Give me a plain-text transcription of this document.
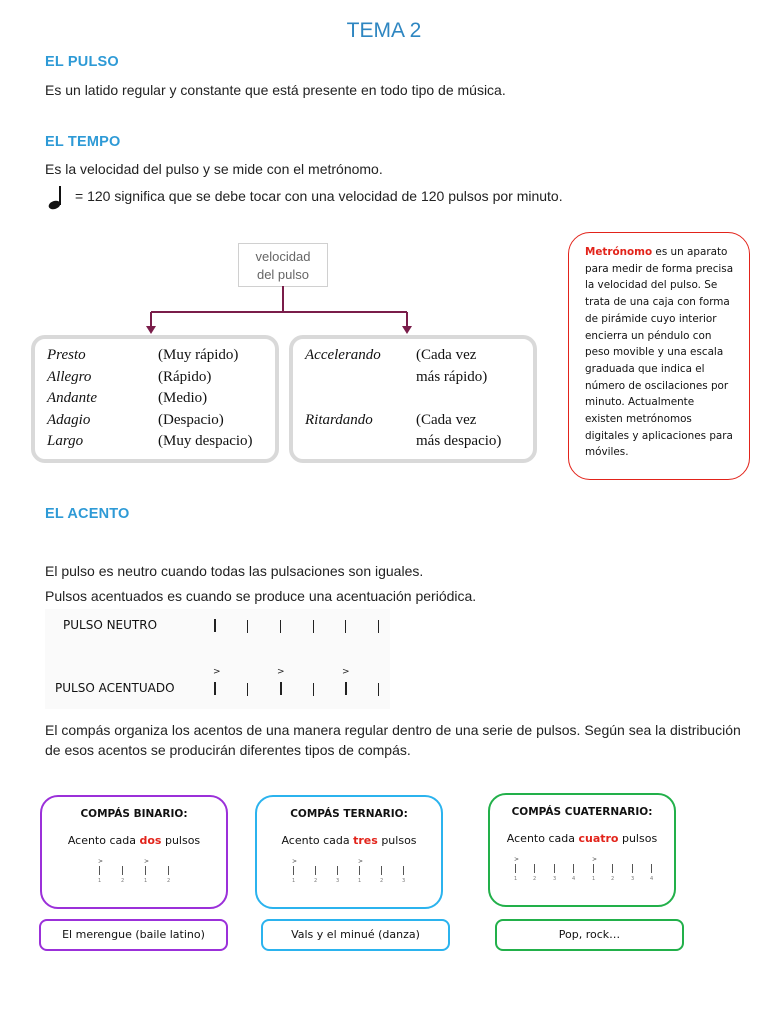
TEMA 2
EL PULSO
Es un latido regular y constante que está presente en todo tipo de música.
EL TEMPO
Es la velocidad del pulso y se mide con el metrónomo.
= 120 significa que se debe tocar con una velocidad de 120 pulsos por minuto.
velocidad
del pulso
Presto	(Muy rápido)
Allegro	(Rápido)
Andante	(Medio)
Adagio	(Despacio)
Largo	(Muy despacio)
Accelerando (Cada vez
más rápido)
Ritardando	(Cada vez
más despacio)
Metrónomo es un aparato para medir de forma precisa la velocidad del pulso. Se trata de una caja con forma de pirámide cuyo interior encierra un péndulo con peso movible y una escala graduada que indica el número de oscilaciones por minuto. Actualmente existen metrónomos digitales y aplicaciones para móviles.
EL ACENTO
El pulso es neutro cuando todas las pulsaciones son iguales.
Pulsos acentuados es cuando se produce una acentuación periódica.
PULSO NEUTRO
PULSO ACENTUADO
>	>	>
El compás organiza los acentos de una manera regular dentro de una serie de pulsos. Según sea la distribución de esos acentos se producirán diferentes tipos de compás.
COMPÁS BINARIO:
Acento cada dos pulsos
>	>
1	2	1	2
El merengue (baile latino)
COMPÁS TERNARIO:
Acento cada tres pulsos
>	>
1	2	3	1	2	3
Vals y el minué (danza)
COMPÁS CUATERNARIO:
Acento cada cuatro pulsos
>	>
1	2	3	4	1	2	3	4
Pop, rock…
